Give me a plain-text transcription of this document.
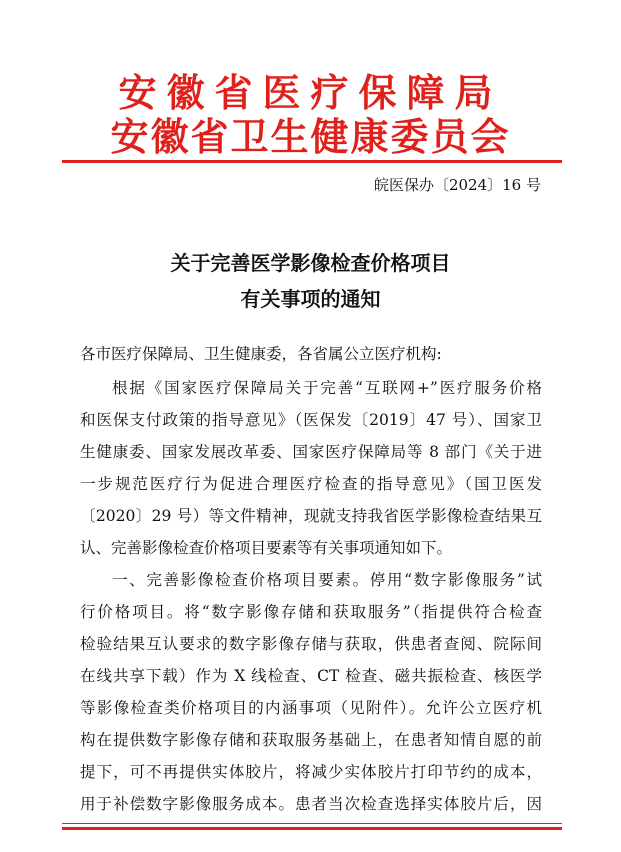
安徽省医疗保障局
安徽省卫生健康委员会
皖医保办〔2024〕16 号
关于完善医学影像检查价格项目
有关事项的通知
各市医疗保障局、卫生健康委，各省属公立医疗机构:
根据《国家医疗保障局关于完善“互联网+”医疗服务价格
和医保支付政策的指导意见》（医保发〔2019〕47 号）、国家卫
生健康委、国家发展改革委、国家医疗保障局等 8 部门《关于进
一步规范医疗行为促进合理医疗检查的指导意见》（国卫医发
〔2020〕29 号）等文件精神，现就支持我省医学影像检查结果互
认、完善影像检查价格项目要素等有关事项通知如下。
一、完善影像检查价格项目要素。停用“数字影像服务”试
行价格项目。将“数字影像存储和获取服务”（指提供符合检查
检验结果互认要求的数字影像存储与获取，供患者查阅、院际间
在线共享下载）作为 X 线检查、CT 检查、磁共振检查、核医学
等影像检查类价格项目的内涵事项（见附件）。允许公立医疗机
构在提供数字影像存储和获取服务基础上，在患者知情自愿的前
提下，可不再提供实体胶片，将减少实体胶片打印节约的成本，
用于补偿数字影像服务成本。患者当次检查选择实体胶片后，因
